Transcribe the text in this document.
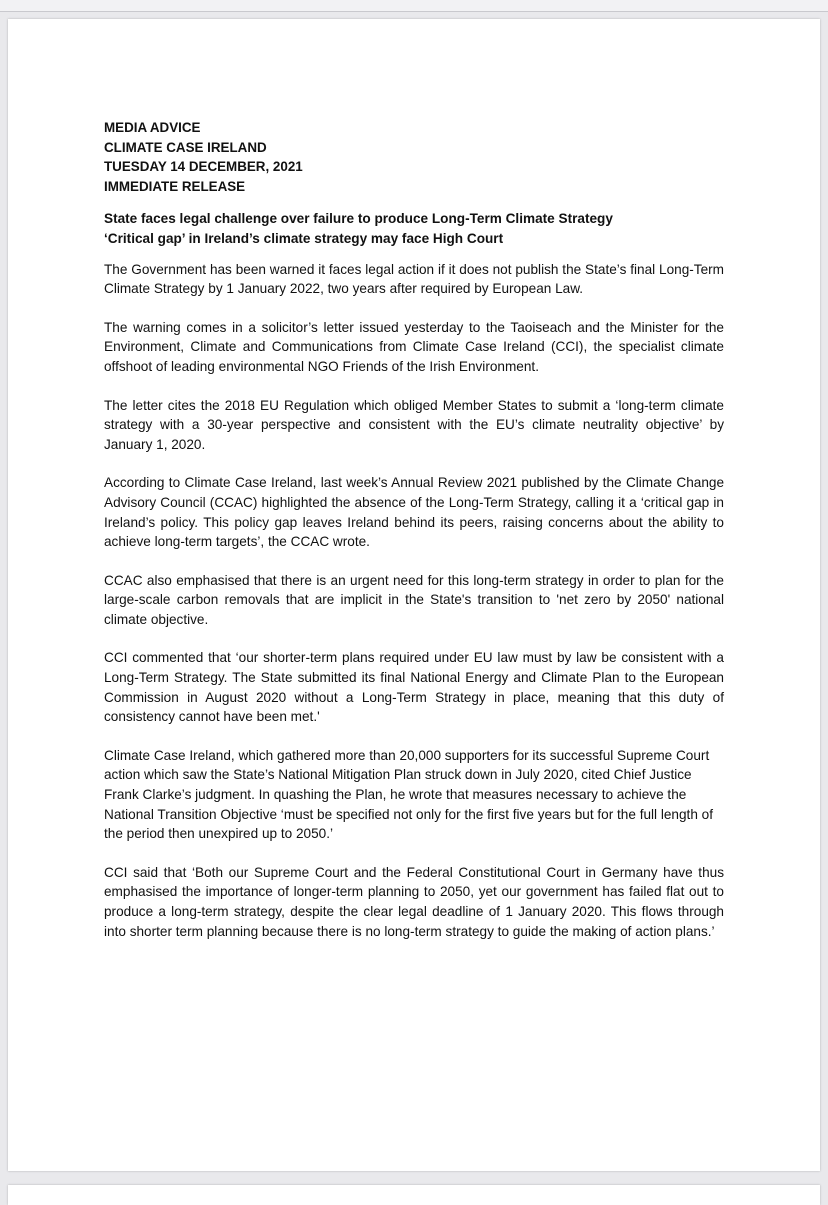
MEDIA ADVICE
CLIMATE CASE IRELAND
TUESDAY 14 DECEMBER, 2021
IMMEDIATE RELEASE
State faces legal challenge over failure to produce Long-Term Climate Strategy
‘Critical gap’ in Ireland’s climate strategy may face High Court
The Government has been warned it faces legal action if it does not publish the State’s final Long-Term Climate Strategy by 1 January 2022, two years after required by European Law.
The warning comes in a solicitor’s letter issued yesterday to the Taoiseach and the Minister for the Environment, Climate and Communications from Climate Case Ireland (CCI), the specialist climate offshoot of leading environmental NGO Friends of the Irish Environment.
The letter cites the 2018 EU Regulation which obliged Member States to submit a ‘long-term climate strategy with a 30-year perspective and consistent with the EU’s climate neutrality objective’ by January 1, 2020.
According to Climate Case Ireland, last week’s Annual Review 2021 published by the Climate Change Advisory Council (CCAC) highlighted the absence of the Long-Term Strategy, calling it a ‘critical gap in Ireland’s policy. This policy gap leaves Ireland behind its peers, raising concerns about the ability to achieve long-term targets’, the CCAC wrote.
CCAC also emphasised that there is an urgent need for this long-term strategy in order to plan for the large-scale carbon removals that are implicit in the State's transition to 'net zero by 2050' national climate objective.
CCI commented that ‘our shorter-term plans required under EU law must by law be consistent with a Long-Term Strategy. The State submitted its final National Energy and Climate Plan to the European Commission in August 2020 without a Long-Term Strategy in place, meaning that this duty of consistency cannot have been met.'
Climate Case Ireland, which gathered more than 20,000 supporters for its successful Supreme Court action which saw the State’s National Mitigation Plan struck down in July 2020, cited Chief Justice Frank Clarke’s judgment. In quashing the Plan, he wrote that measures necessary to achieve the National Transition Objective ‘must be specified not only for the first five years but for the full length of the period then unexpired up to 2050.’
CCI said that ‘Both our Supreme Court and the Federal Constitutional Court in Germany have thus emphasised the importance of longer-term planning to 2050, yet our government has failed flat out to produce a long-term strategy, despite the clear legal deadline of 1 January 2020. This flows through into shorter term planning because there is no long-term strategy to guide the making of action plans.’
